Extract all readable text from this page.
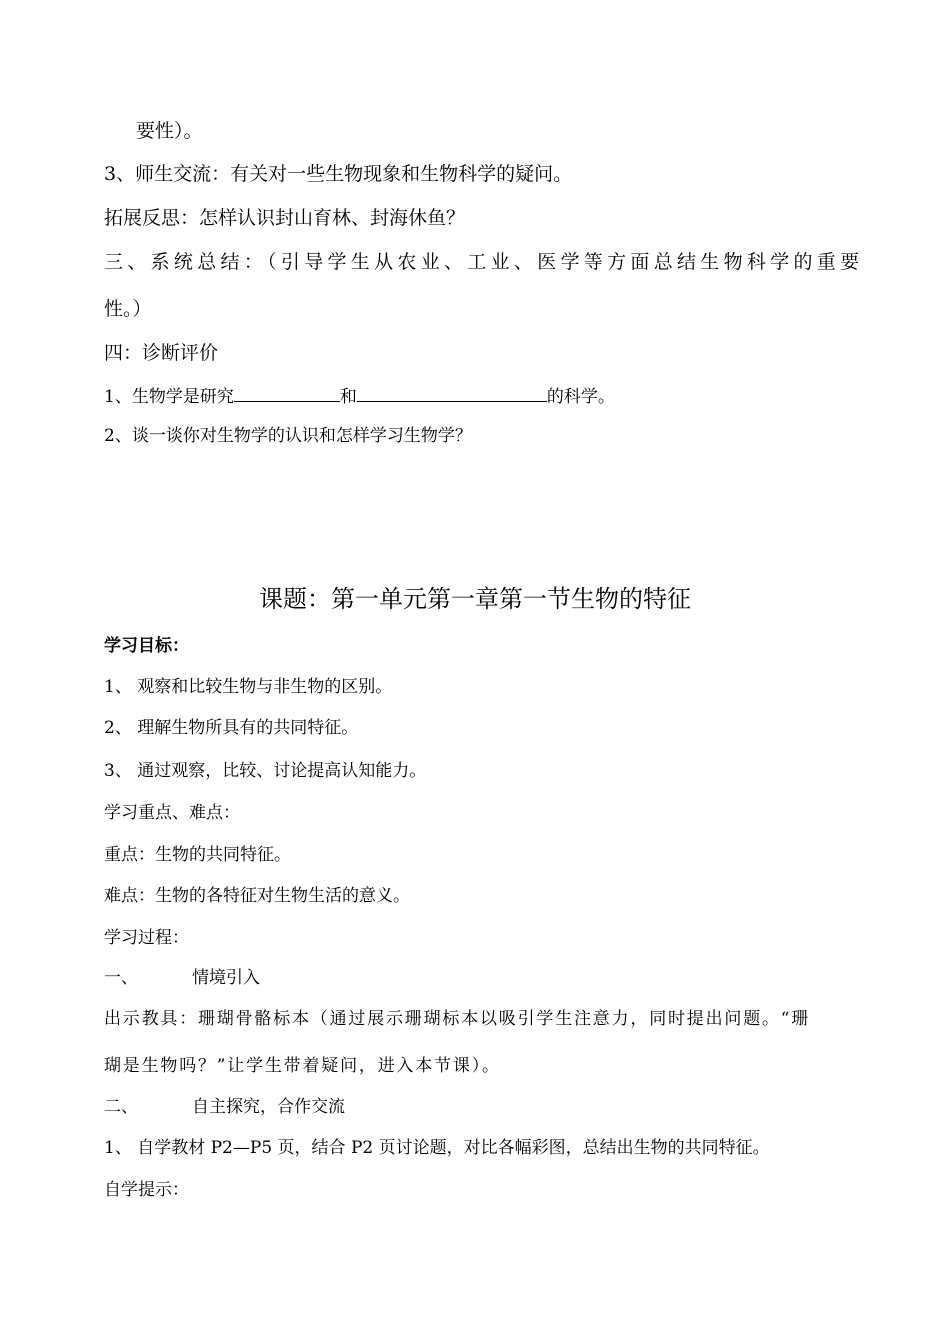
要性）。
3、师生交流：有关对一些生物现象和生物科学的疑问。
拓展反思：怎样认识封山育林、封海休鱼？
三、系统总结：（引导学生从农业、工业、医学等方面总结生物科学的重要
性。）
四：诊断评价
1、生物学是研究	和	的科学。
2、谈一谈你对生物学的认识和怎样学习生物学？
课题：第一单元第一章第一节生物的特征
学习目标：
1、 观察和比较生物与非生物的区别。
2、 理解生物所具有的共同特征。
3、 通过观察，比较、讨论提高认知能力。
学习重点、难点：
重点：生物的共同特征。
难点：生物的各特征对生物生活的意义。
学习过程：
一、	情境引入
出示教具：珊瑚骨骼标本（通过展示珊瑚标本以吸引学生注意力，同时提出问题。“珊
瑚是生物吗？”让学生带着疑问，进入本节课）。
二、	自主探究，合作交流
1、 自学教材 P2—P5 页，结合 P2 页讨论题，对比各幅彩图，总结出生物的共同特征。
自学提示：
